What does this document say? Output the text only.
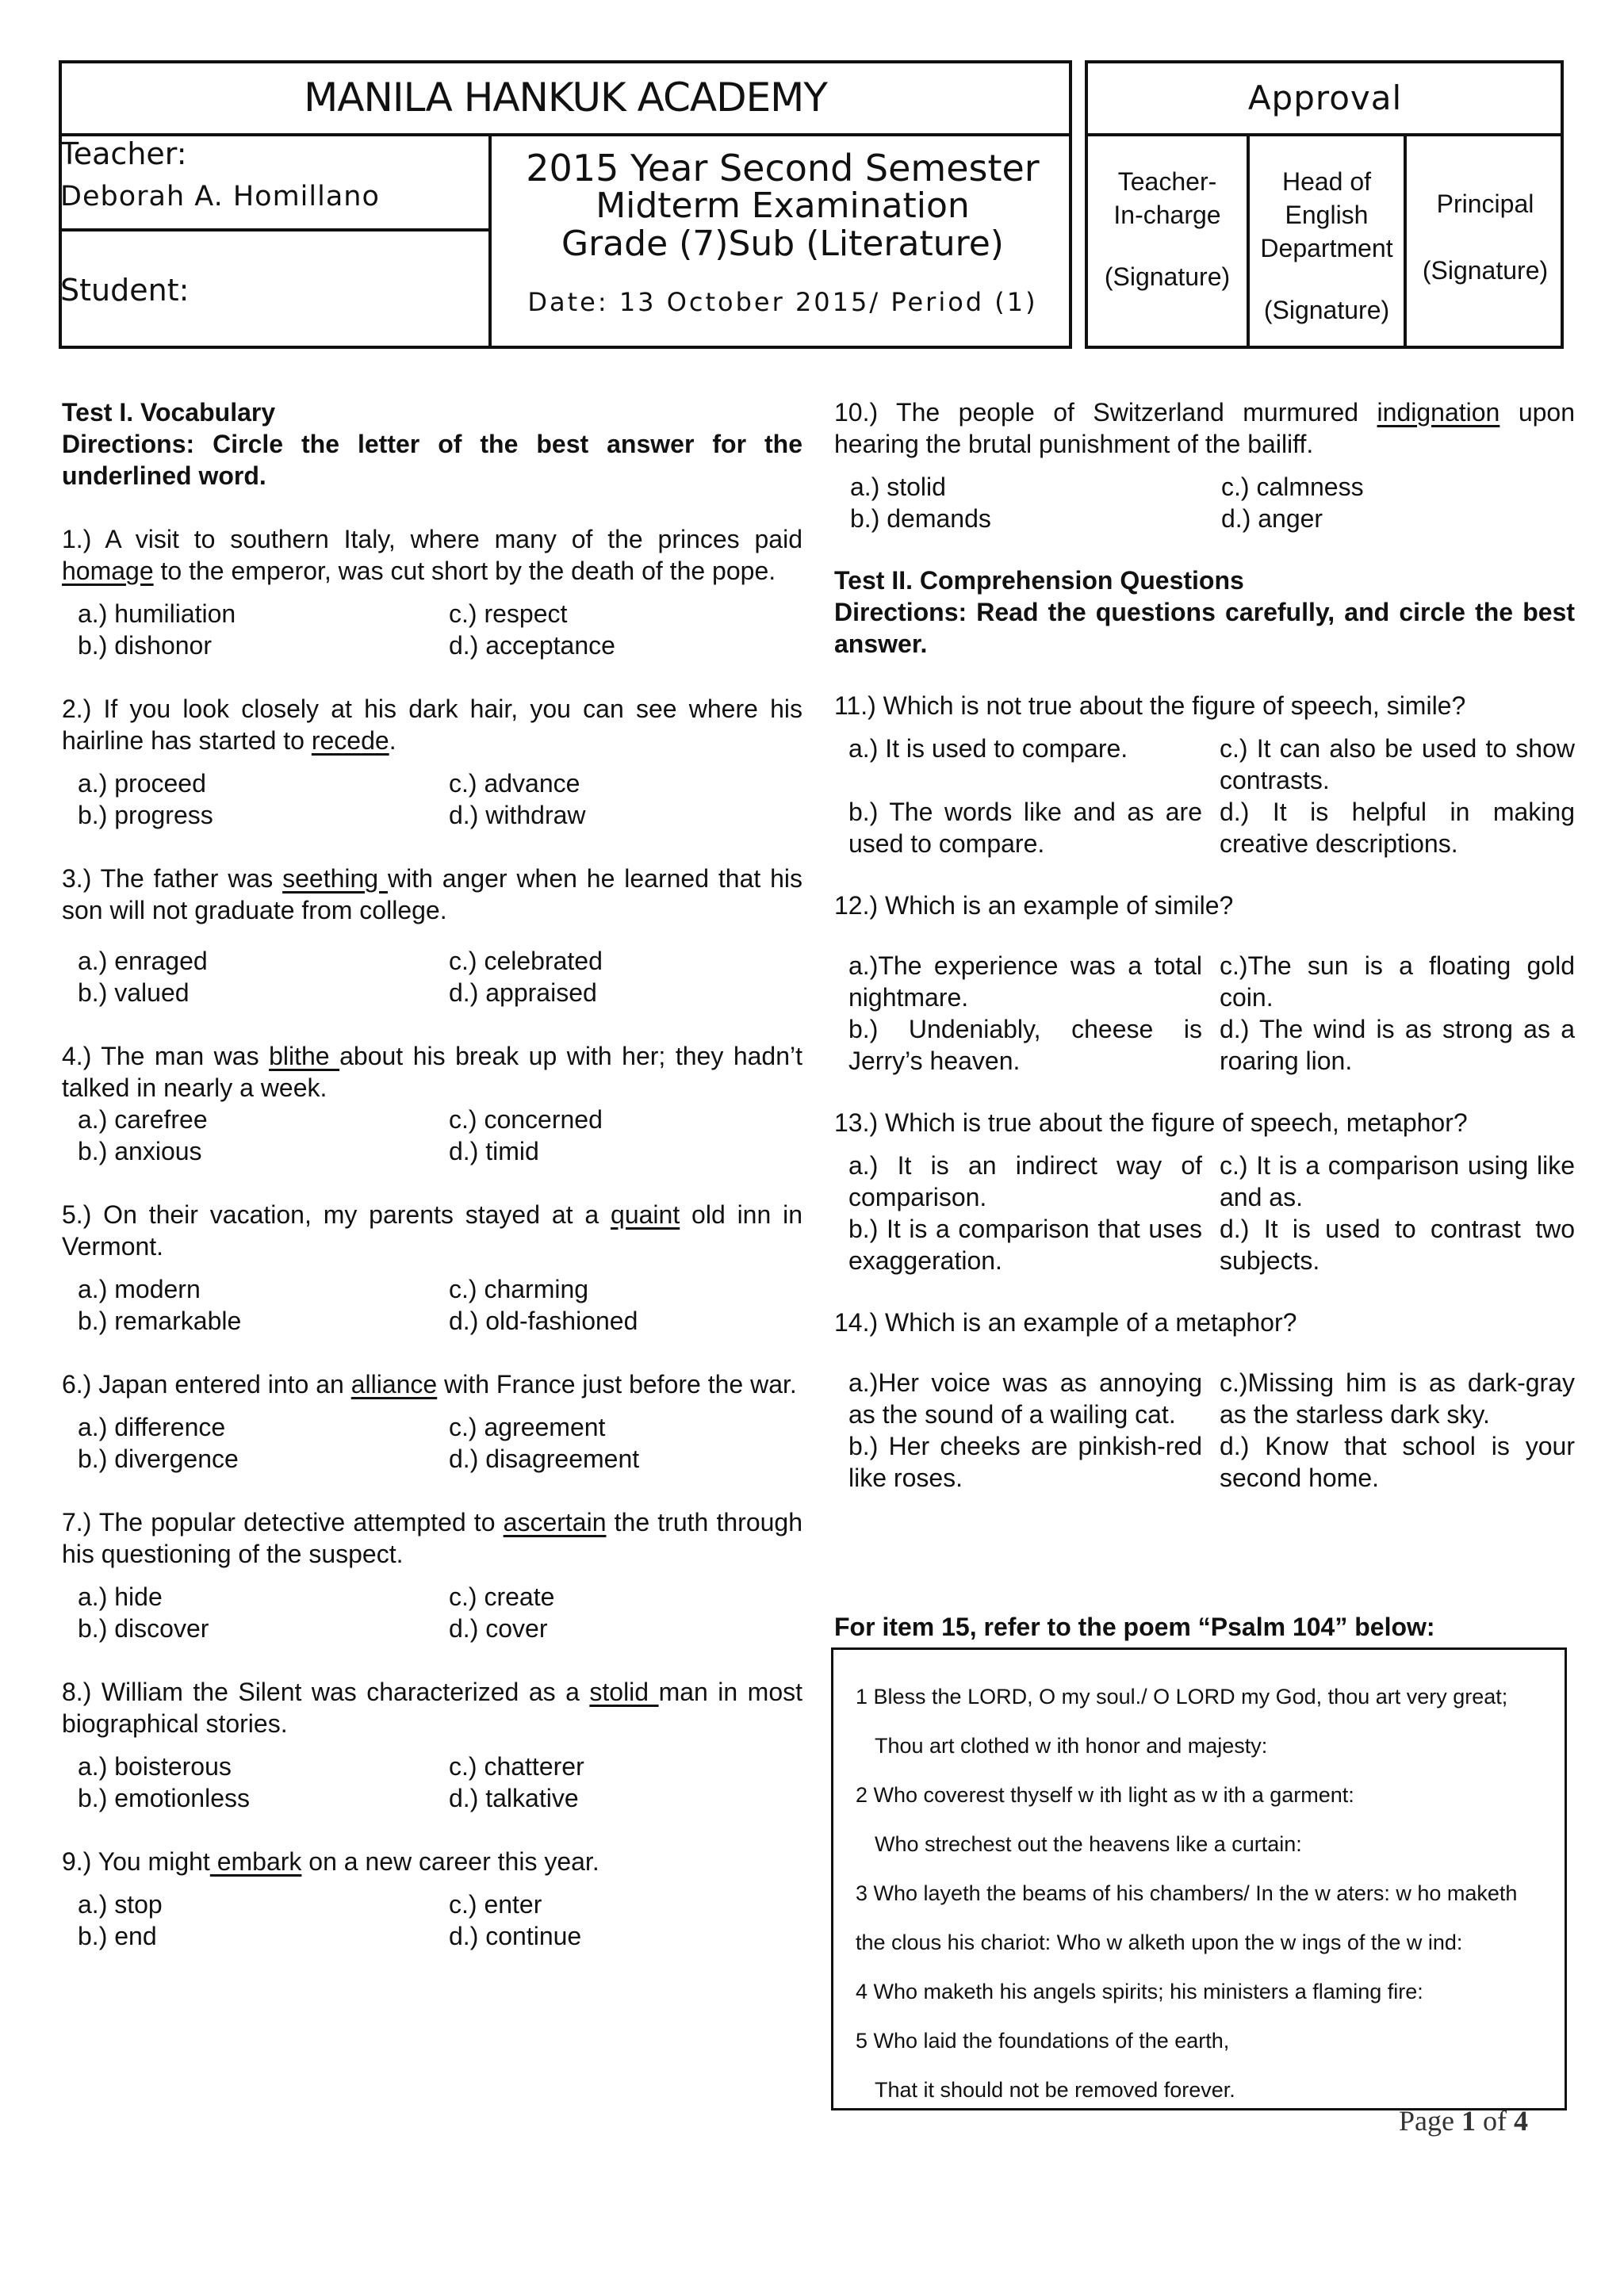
MANILA HANKUK ACADEMY	Approval
Teacher:
Deborah A. Homillano
Student:
2015 Year Second Semester
Midterm Examination
Grade (7)Sub (Literature)
Date: 13 October 2015/ Period (1)
Teacher-
In-charge
(Signature)
Head of
English
Department
(Signature)
Principal
(Signature)
Test I. Vocabulary
Directions: Circle the letter of the best answer for the underlined word.

1.) A visit to southern Italy, where many of the princes paid homage to the emperor, was cut short by the death of the pope.

a.) humiliation	c.) respect
b.) dishonor	d.) acceptance

2.) If you look closely at his dark hair, you can see where his hairline has started to recede.

a.) proceed	c.) advance
b.) progress	d.) withdraw

3.) The father was seething with anger when he learned that his son will not graduate from college.

a.) enraged	c.) celebrated
b.) valued	d.) appraised

4.) The man was blithe about his break up with her; they hadn’t talked in nearly a week.

a.) carefree	c.) concerned
b.) anxious	d.) timid

5.) On their vacation, my parents stayed at a quaint old inn in Vermont.

a.) modern	c.) charming
b.) remarkable	d.) old-fashioned

6.) Japan entered into an alliance with France just before the war.

a.) difference	c.) agreement
b.) divergence	d.) disagreement

7.) The popular detective attempted to ascertain the truth through his questioning of the suspect.

a.) hide	c.) create
b.) discover	d.) cover

8.) William the Silent was characterized as a stolid man in most biographical stories.

a.) boisterous	c.) chatterer
b.) emotionless	d.) talkative

9.) You might embark on a new career this year.

a.) stop	c.) enter
b.) end	d.) continue

10.) The people of Switzerland murmured indignation upon hearing the brutal punishment of the bailiff.

a.) stolid	c.) calmness
b.) demands	d.) anger
Test II. Comprehension Questions
Directions: Read the questions carefully, and circle the best answer.

11.) Which is not true about the figure of speech, simile?

a.) It is used to compare.	c.) It can also be used to show contrasts.
b.) The words like and as are used to compare.
d.) It is helpful in making creative descriptions.

12.) Which is an example of simile?

a.)The experience was a total nightmare.
c.)The sun is a floating gold coin.
b.) Undeniably, cheese is Jerry’s heaven.
d.) The wind is as strong as a roaring lion.

13.) Which is true about the figure of speech, metaphor?

a.) It is an indirect way of comparison.
c.) It is a comparison using like and as.
b.) It is a comparison that uses exaggeration.
d.) It is used to contrast two subjects.

14.) Which is an example of a metaphor?

a.)Her voice was as annoying as the sound of a wailing cat.
c.)Missing him is as dark-gray as the starless dark sky.
b.) Her cheeks are pinkish-red like roses.
d.) Know that school is your second home.
For item 15, refer to the poem “Psalm 104” below:
1 Bless the LORD, O my soul./ O LORD my God, thou art very great;
Thou art clothed w ith honor and majesty:
2 Who coverest thyself w ith light as w ith a garment:
Who strechest out the heavens like a curtain:
3 Who layeth the beams of his chambers/ In the w aters: w ho maketh
the clous his chariot: Who w alketh upon the w ings of the w ind:
4 Who maketh his angels spirits; his ministers a flaming fire:
5 Who laid the foundations of the earth,
That it should not be removed forever.
Page 1 of 4
